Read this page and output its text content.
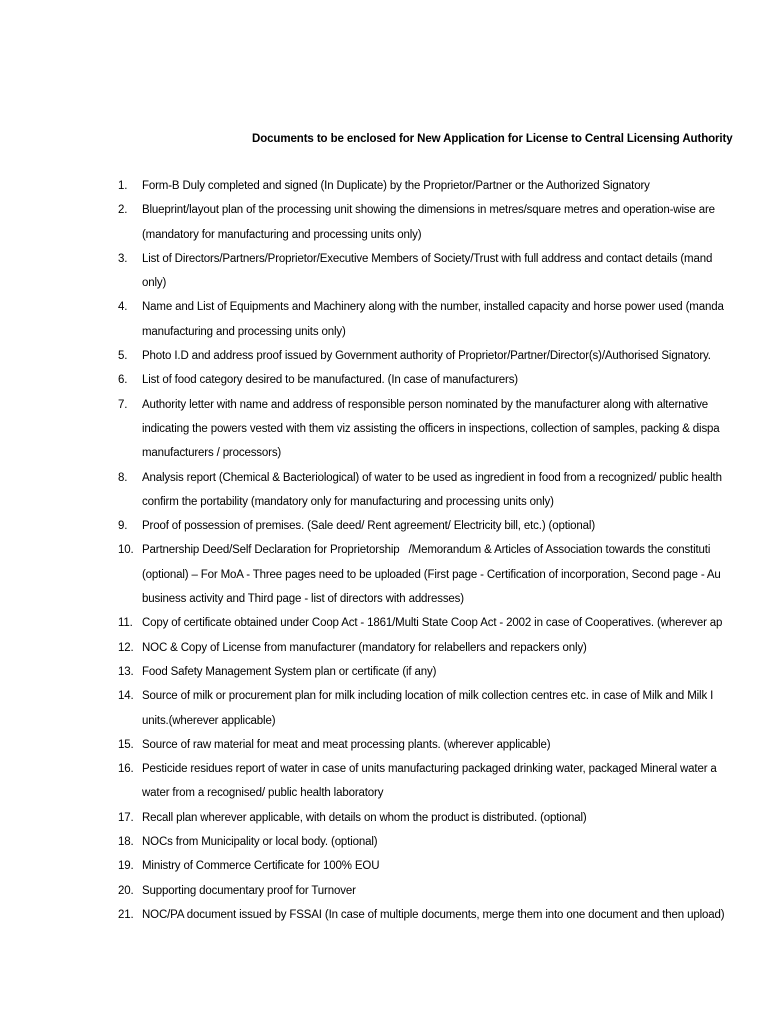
Documents to be enclosed for New Application for License to Central Licensing Authority
1. Form-B Duly completed and signed (In Duplicate) by the Proprietor/Partner or the Authorized Signatory
2. Blueprint/layout plan of the processing unit showing the dimensions in metres/square metres and operation-wise are
(mandatory for manufacturing and processing units only)
3. List of Directors/Partners/Proprietor/Executive Members of Society/Trust with full address and contact details (mand
only)
4. Name and List of Equipments and Machinery along with the number, installed capacity and horse power used (manda
manufacturing and processing units only)
5. Photo I.D and address proof issued by Government authority of Proprietor/Partner/Director(s)/Authorised Signatory.
6. List of food category desired to be manufactured. (In case of manufacturers)
7. Authority letter with name and address of responsible person nominated by the manufacturer along with alternative
indicating the powers vested with them viz assisting the officers in inspections, collection of samples, packing & dispa
manufacturers / processors)
8. Analysis report (Chemical & Bacteriological) of water to be used as ingredient in food from a recognized/ public health
confirm the portability (mandatory only for manufacturing and processing units only)
9. Proof of possession of premises. (Sale deed/ Rent agreement/ Electricity bill, etc.) (optional)
10. Partnership Deed/Self Declaration for Proprietorship   /Memorandum & Articles of Association towards the constituti
(optional) – For MoA - Three pages need to be uploaded (First page - Certification of incorporation, Second page - Au
business activity and Third page - list of directors with addresses)
11. Copy of certificate obtained under Coop Act - 1861/Multi State Coop Act - 2002 in case of Cooperatives. (wherever ap
12. NOC & Copy of License from manufacturer (mandatory for relabellers and repackers only)
13. Food Safety Management System plan or certificate (if any)
14. Source of milk or procurement plan for milk including location of milk collection centres etc. in case of Milk and Milk I
units.(wherever applicable)
15. Source of raw material for meat and meat processing plants. (wherever applicable)
16. Pesticide residues report of water in case of units manufacturing packaged drinking water, packaged Mineral water a
water from a recognised/ public health laboratory
17. Recall plan wherever applicable, with details on whom the product is distributed. (optional)
18. NOCs from Municipality or local body. (optional)
19. Ministry of Commerce Certificate for 100% EOU
20. Supporting documentary proof for Turnover
21. NOC/PA document issued by FSSAI (In case of multiple documents, merge them into one document and then upload)
